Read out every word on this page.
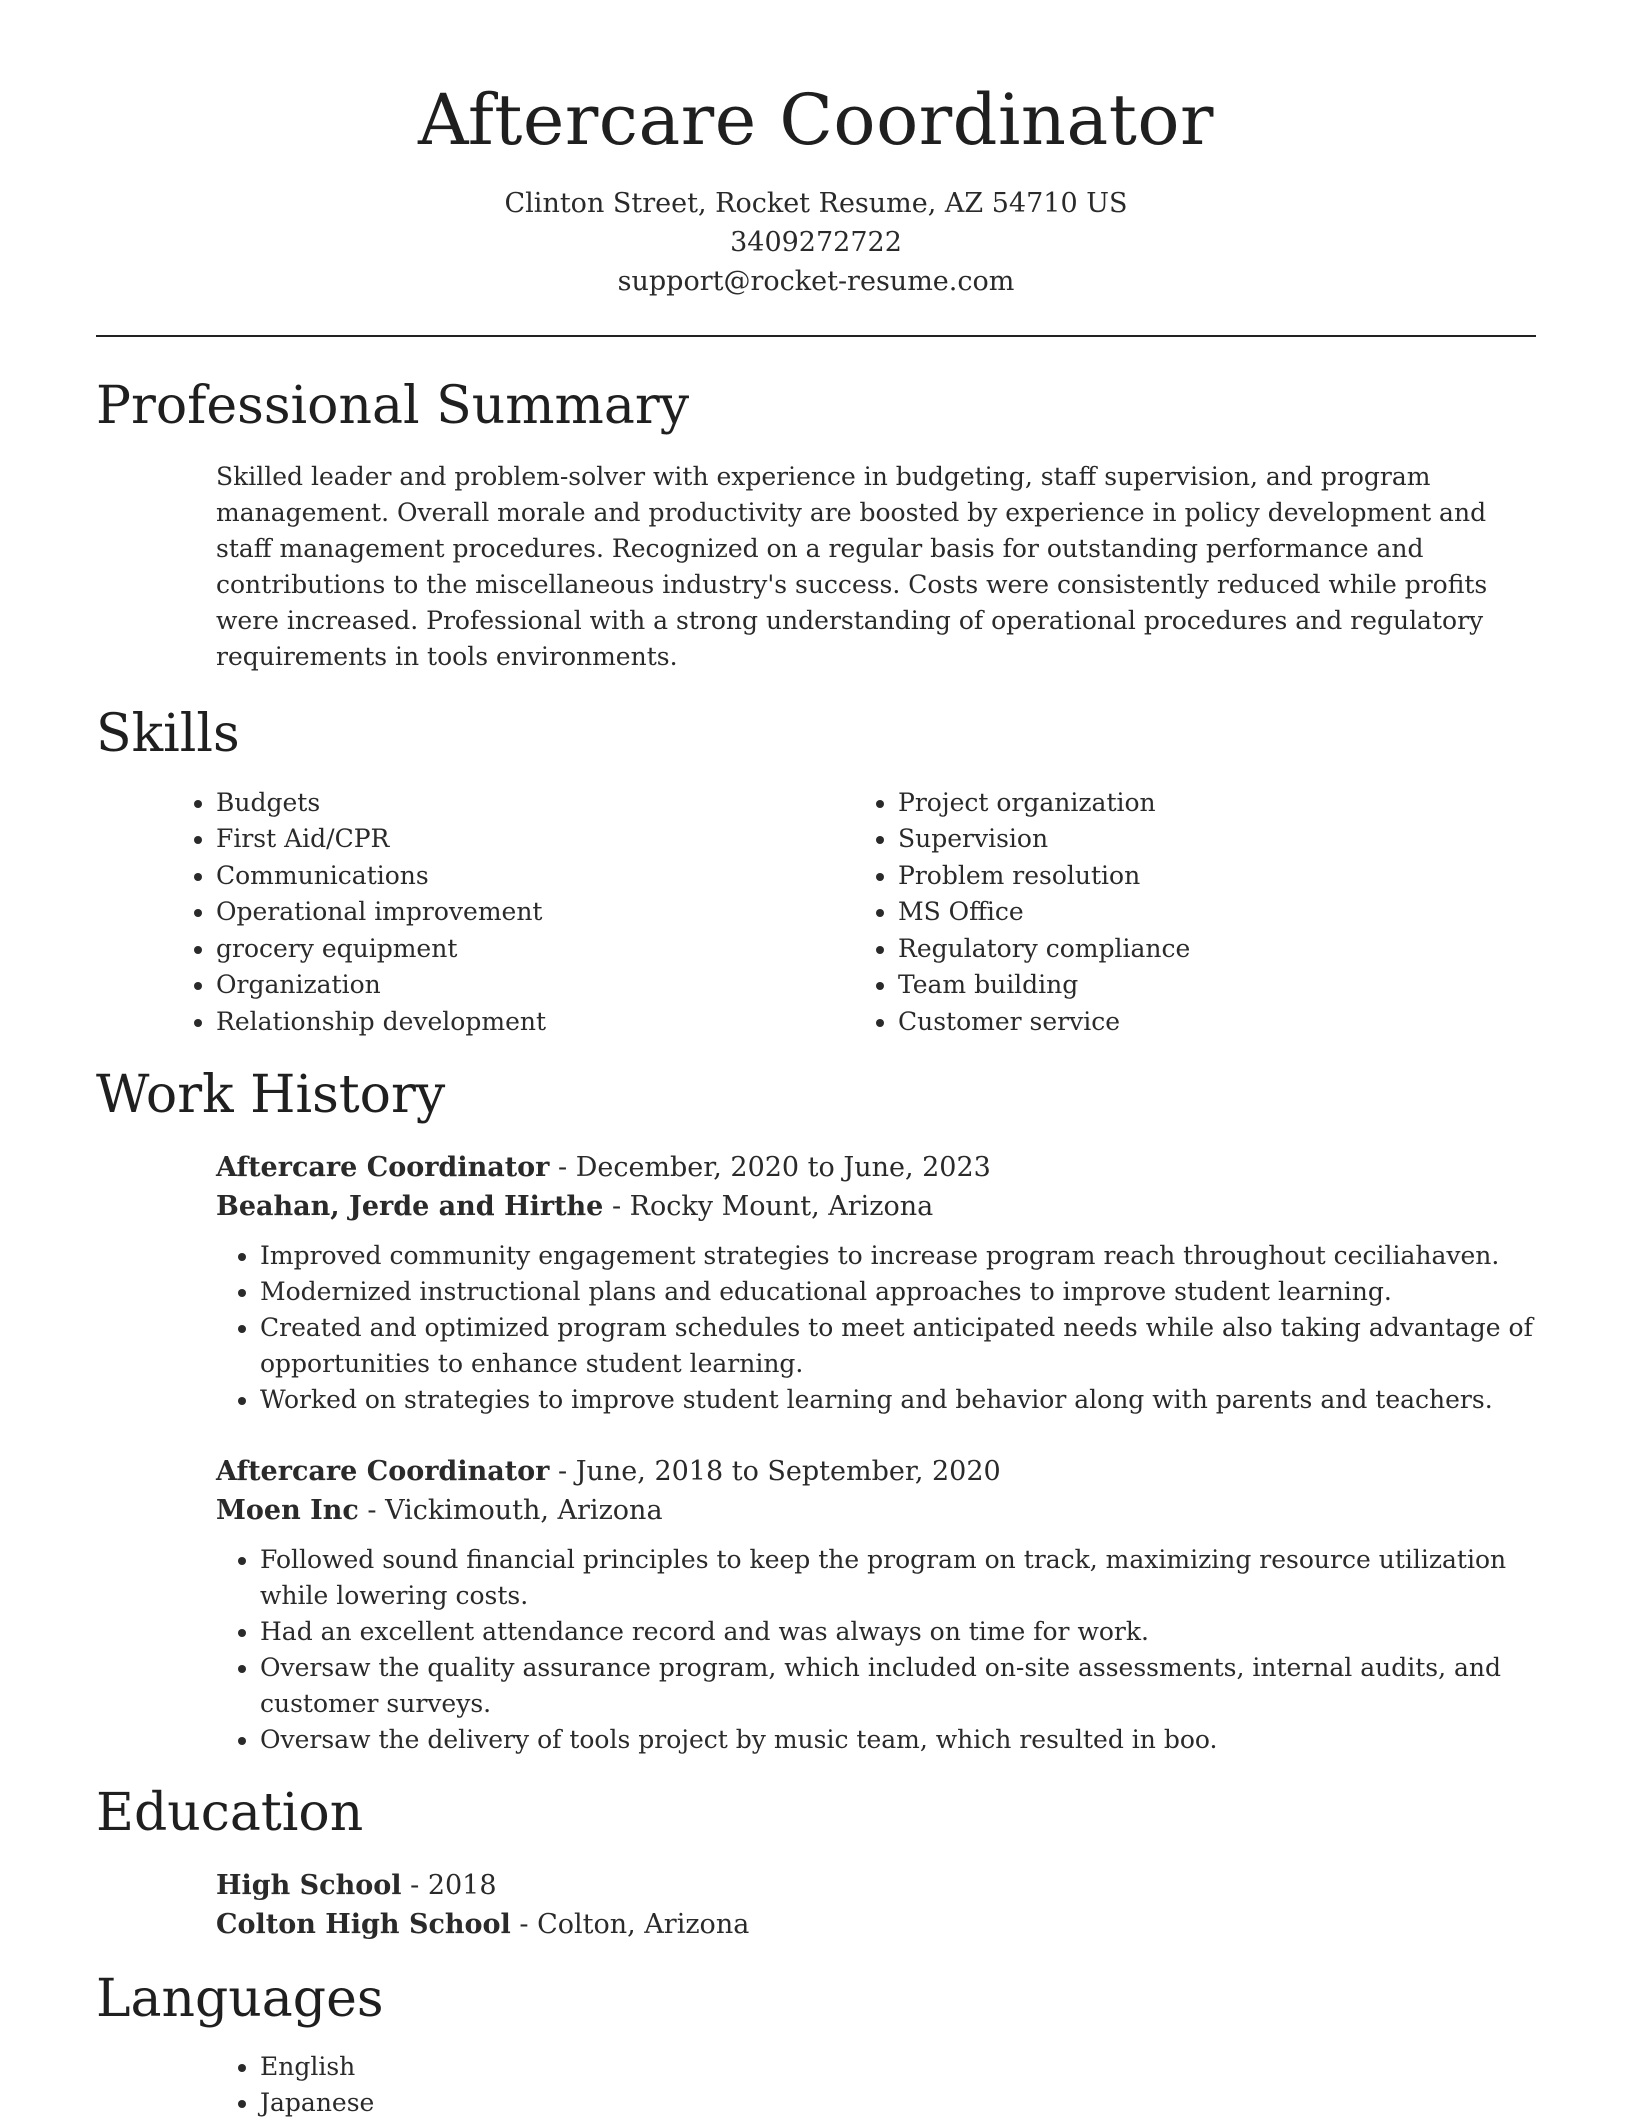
Aftercare Coordinator
Clinton Street, Rocket Resume, AZ 54710 US
3409272722
support@rocket-resume.com
Professional Summary

Skilled leader and problem-solver with experience in budgeting, staff supervision, and program management. Overall morale and productivity are boosted by experience in policy development and staff management procedures. Recognized on a regular basis for outstanding performance and contributions to the miscellaneous industry's success. Costs were consistently reduced while profits were increased. Professional with a strong understanding of operational procedures and regulatory requirements in tools environments.

Skills
• Budgets
• First Aid/CPR
• Communications
• Operational improvement
• grocery equipment
• Organization
• Relationship development
• Project organization
• Supervision
• Problem resolution
• MS Office
• Regulatory compliance
• Team building
• Customer service
Work History
Aftercare Coordinator - December, 2020 to June, 2023
Beahan, Jerde and Hirthe - Rocky Mount, Arizona
• Improved community engagement strategies to increase program reach throughout ceciliahaven.
• Modernized instructional plans and educational approaches to improve student learning.
• Created and optimized program schedules to meet anticipated needs while also taking advantage of opportunities to enhance student learning.
• Worked on strategies to improve student learning and behavior along with parents and teachers.
Aftercare Coordinator - June, 2018 to September, 2020
Moen Inc - Vickimouth, Arizona
• Followed sound financial principles to keep the program on track, maximizing resource utilization while lowering costs.
• Had an excellent attendance record and was always on time for work.
• Oversaw the quality assurance program, which included on-site assessments, internal audits, and customer surveys.
• Oversaw the delivery of tools project by music team, which resulted in boo.
Education
High School - 2018
Colton High School - Colton, Arizona
Languages
• English
• Japanese
